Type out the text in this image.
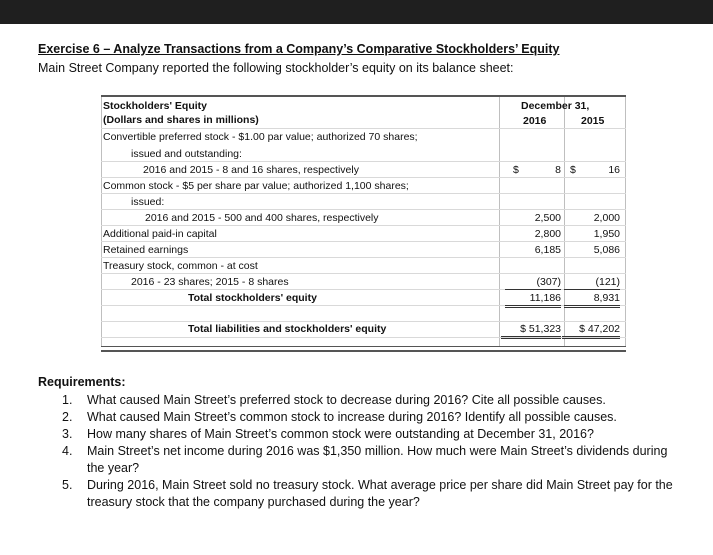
Exercise 6 – Analyze Transactions from a Company’s Comparative Stockholders’ Equity
Main Street Company reported the following stockholder’s equity on its balance sheet:
Stockholders' Equity
(Dollars and shares in millions)
December 31,
2016	2015
Convertible preferred stock - $1.00 par value; authorized 70 shares;
issued and outstanding:
2016 and 2015 - 8 and 16 shares, respectively	$	8 $	16
Common stock - $5 per share par value; authorized 1,100 shares;
issued:
2016 and 2015 - 500 and 400 shares, respectively	2,500	2,000
Additional paid-in capital	2,800	1,950
Retained earnings	6,185	5,086
Treasury stock, common - at cost
2016 - 23 shares; 2015 - 8 shares	(307)	(121)
Total stockholders' equity	11,186	8,931
Total liabilities and stockholders' equity	$ 51,323	$ 47,202
Requirements:
1. What caused Main Street’s preferred stock to decrease during 2016? Cite all possible causes.
2. What caused Main Street’s common stock to increase during 2016? Identify all possible causes.
3. How many shares of Main Street’s common stock were outstanding at December 31, 2016?
4. Main Street’s net income during 2016 was $1,350 million. How much were Main Street’s dividends during the year?
5. During 2016, Main Street sold no treasury stock. What average price per share did Main Street pay for the treasury stock that the company purchased during the year?
